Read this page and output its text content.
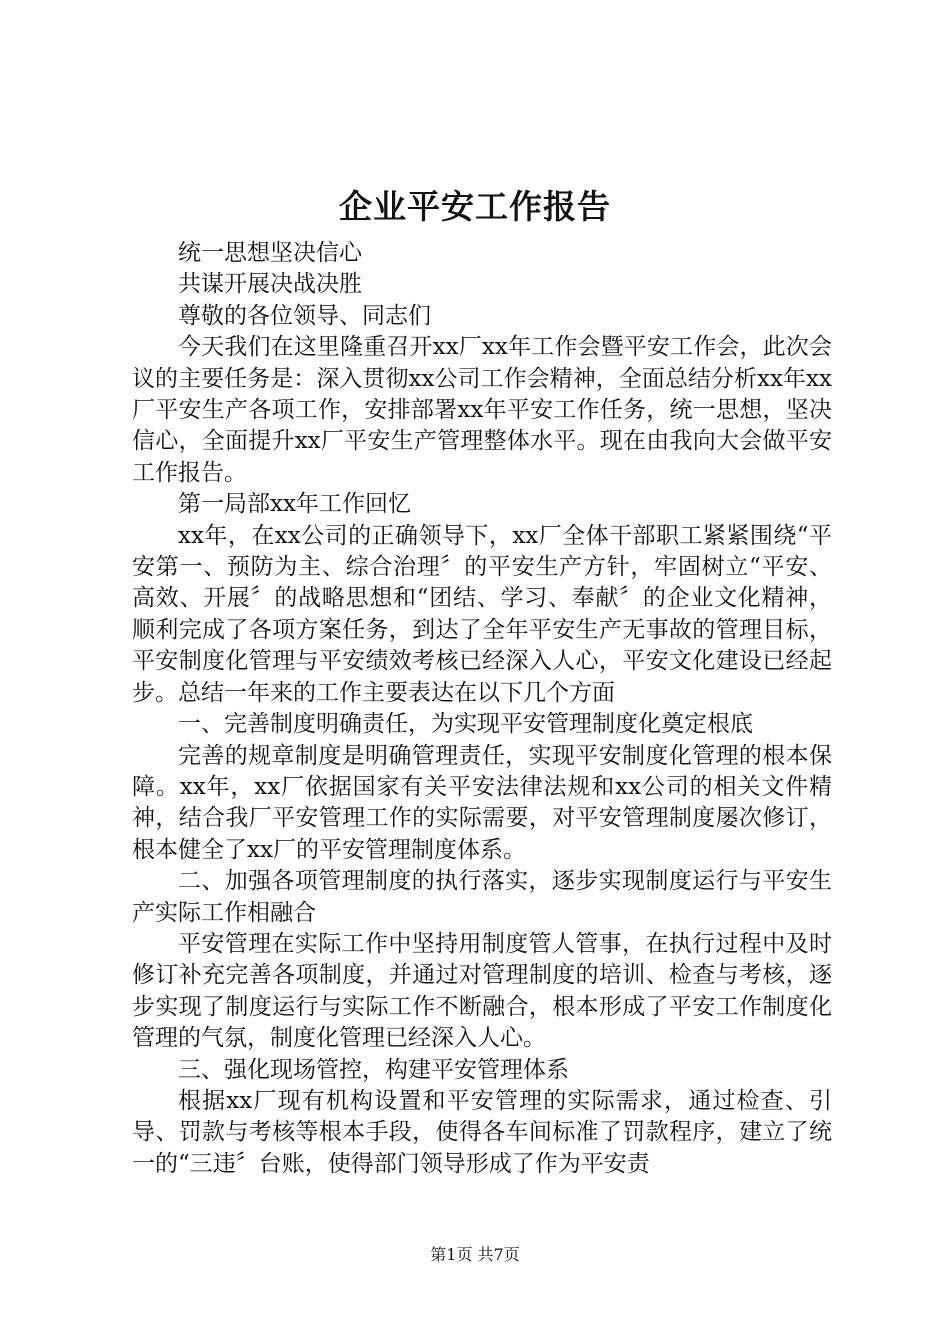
企业平安工作报告

统一思想坚决信心

共谋开展决战决胜

尊敬的各位领导、同志们

今天我们在这里隆重召开xx厂xx年工作会暨平安工作会，此次会议的主要任务是：深入贯彻xx公司工作会精神，全面总结分析xx年xx厂平安生产各项工作，安排部署xx年平安工作任务，统一思想，坚决信心，全面提升xx厂平安生产管理整体水平。现在由我向大会做平安工作报告。

第一局部xx年工作回忆

xx年，在xx公司的正确领导下，xx厂全体干部职工紧紧围绕“平安第一、预防为主、综合治理〞的平安生产方针，牢固树立“平安、高效、开展〞的战略思想和“团结、学习、奉献〞的企业文化精神，顺利完成了各项方案任务，到达了全年平安生产无事故的管理目标，平安制度化管理与平安绩效考核已经深入人心，平安文化建设已经起步。总结一年来的工作主要表达在以下几个方面

一、完善制度明确责任，为实现平安管理制度化奠定根底

完善的规章制度是明确管理责任，实现平安制度化管理的根本保障。xx年，xx厂依据国家有关平安法律法规和xx公司的相关文件精神，结合我厂平安管理工作的实际需要，对平安管理制度屡次修订，根本健全了xx厂的平安管理制度体系。

二、加强各项管理制度的执行落实，逐步实现制度运行与平安生产实际工作相融合

平安管理在实际工作中坚持用制度管人管事，在执行过程中及时修订补充完善各项制度，并通过对管理制度的培训、检查与考核，逐步实现了制度运行与实际工作不断融合，根本形成了平安工作制度化管理的气氛，制度化管理已经深入人心。

三、强化现场管控，构建平安管理体系

根据xx厂现有机构设置和平安管理的实际需求，通过检查、引导、罚款与考核等根本手段，使得各车间标准了罚款程序，建立了统一的“三违〞台账，使得部门领导形成了作为平安责

第1页 共7页
